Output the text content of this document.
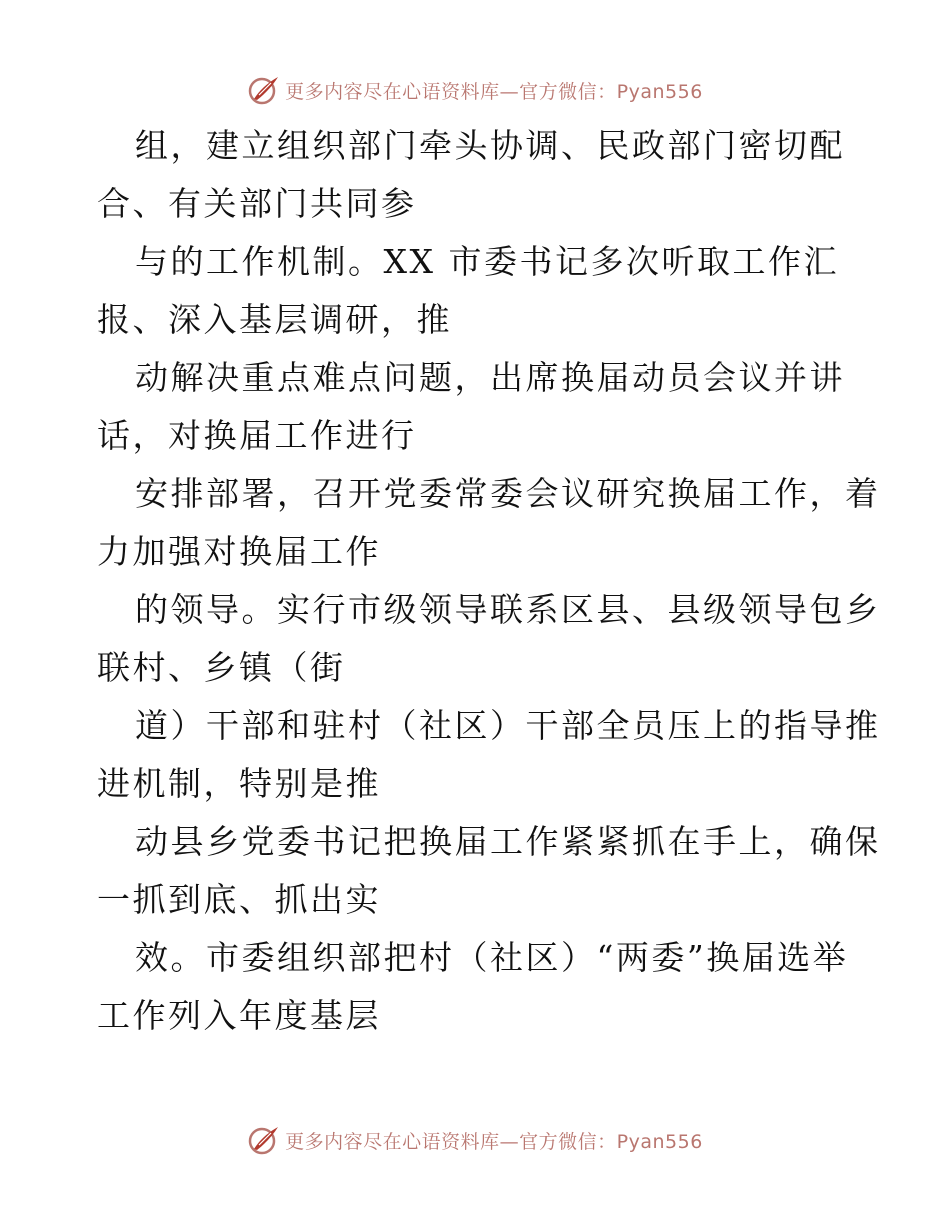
更多内容尽在心语资料库—官方微信：Pyan556

组，建立组织部门牵头协调、民政部门密切配
合、有关部门共同参

与的工作机制。XX 市委书记多次听取工作汇
报、深入基层调研，推

动解决重点难点问题，出席换届动员会议并讲
话，对换届工作进行

安排部署，召开党委常委会议研究换届工作，着
力加强对换届工作

的领导。实行市级领导联系区县、县级领导包乡
联村、乡镇（街

道）干部和驻村（社区）干部全员压上的指导推
进机制，特别是推

动县乡党委书记把换届工作紧紧抓在手上，确保
一抓到底、抓出实

效。市委组织部把村（社区）“两委”换届选举
工作列入年度基层

更多内容尽在心语资料库—官方微信：Pyan556
